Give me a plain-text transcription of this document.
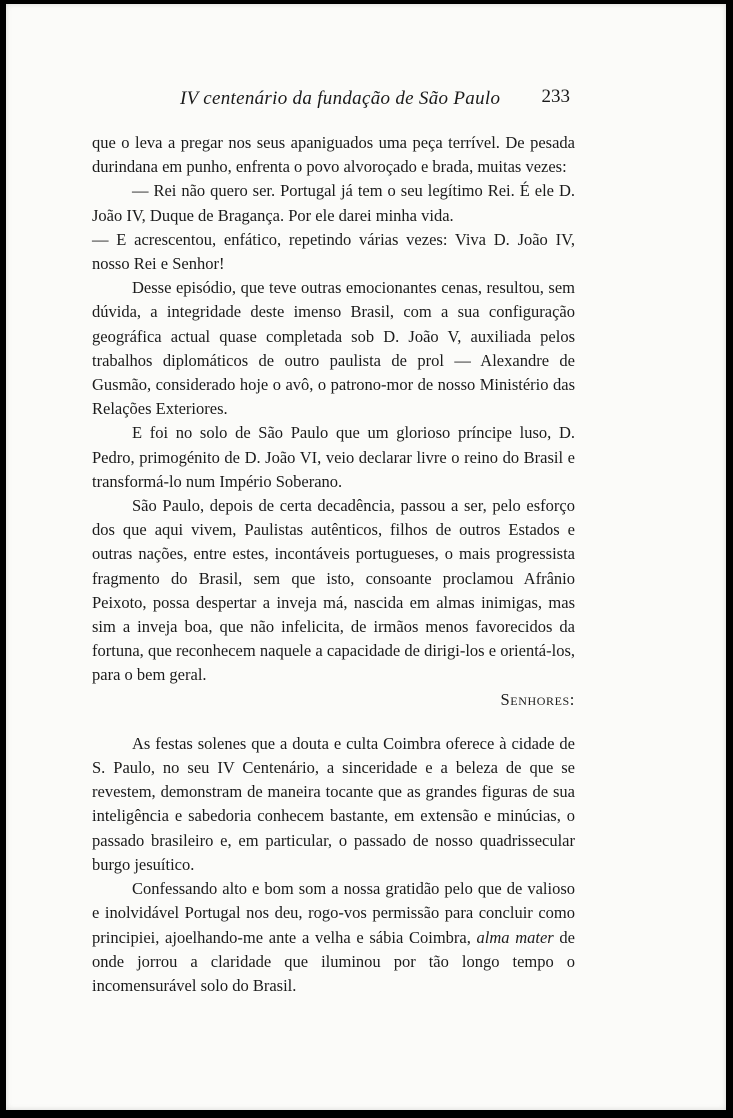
IV centenário da fundação de São Paulo 233

que o leva a pregar nos seus apaniguados uma peça terrível. De pesada durindana em punho, enfrenta o povo alvoroçado e brada, muitas vezes:

— Rei não quero ser. Portugal já tem o seu legítimo Rei. É ele D. João IV, Duque de Bragança. Por ele darei minha vida.

— E acrescentou, enfático, repetindo várias vezes: Viva D. João IV, nosso Rei e Senhor!

Desse episódio, que teve outras emocionantes cenas, resultou, sem dúvida, a integridade deste imenso Brasil, com a sua configuração geográfica actual quase completada sob D. João V, auxiliada pelos trabalhos diplomáticos de outro paulista de prol — Alexandre de Gusmão, considerado hoje o avô, o patrono-mor de nosso Ministério das Relações Exteriores.

E foi no solo de São Paulo que um glorioso príncipe luso, D. Pedro, primogénito de D. João VI, veio declarar livre o reino do Brasil e transformá-lo num Império Soberano.

São Paulo, depois de certa decadência, passou a ser, pelo esforço dos que aqui vivem, Paulistas autênticos, filhos de outros Estados e outras nações, entre estes, incontáveis portugueses, o mais progressista fragmento do Brasil, sem que isto, consoante proclamou Afrânio Peixoto, possa despertar a inveja má, nascida em almas inimigas, mas sim a inveja boa, que não infelicita, de irmãos menos favorecidos da fortuna, que reconhecem naquele a capacidade de dirigi-los e orientá-los, para o bem geral.

Senhores:

As festas solenes que a douta e culta Coimbra oferece à cidade de S. Paulo, no seu IV Centenário, a sinceridade e a beleza de que se revestem, demonstram de maneira tocante que as grandes figuras de sua inteligência e sabedoria conhecem bastante, em extensão e minúcias, o passado brasileiro e, em particular, o passado de nosso quadrissecular burgo jesuítico.

Confessando alto e bom som a nossa gratidão pelo que de valioso e inolvidável Portugal nos deu, rogo-vos permissão para concluir como principiei, ajoelhando-me ante a velha e sábia Coimbra, alma mater de onde jorrou a claridade que iluminou por tão longo tempo o incomensurável solo do Brasil.
